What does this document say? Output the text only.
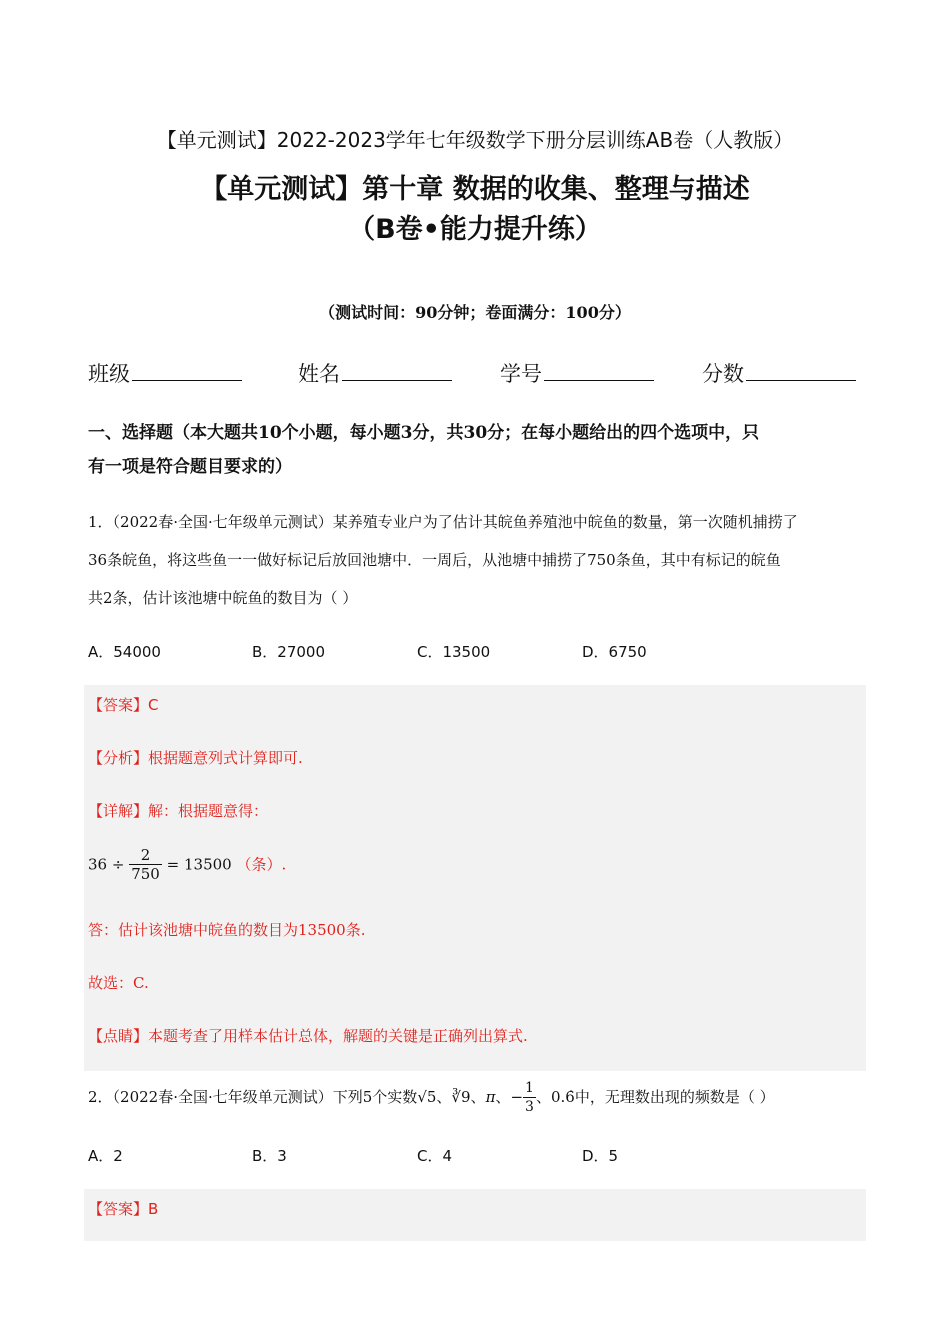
【单元测试】2022-2023学年七年级数学下册分层训练AB卷（人教版）
【单元测试】第十章 数据的收集、整理与描述
（B卷•能力提升练）
（测试时间：90分钟；卷面满分：100分）
班级	姓名	学号	分数
一、选择题（本大题共10个小题，每小题3分，共30分；在每小题给出的四个选项中，只
有一项是符合题目要求的）
1．（2022春·全国·七年级单元测试）某养殖专业户为了估计其皖鱼养殖池中皖鱼的数量，第一次随机捕捞了
36条皖鱼，将这些鱼一一做好标记后放回池塘中．一周后，从池塘中捕捞了750条鱼，其中有标记的皖鱼
共2条，估计该池塘中皖鱼的数目为（ ）
A．54000	B．27000	C．13500	D．6750
【答案】C
【分析】根据题意列式计算即可.
【详解】解：根据题意得：
$36 \div \frac{2}{750} = 13500$ （条）.
答：估计该池塘中皖鱼的数目为13500条.
故选：C.
【点睛】本题考查了用样本估计总体，解题的关键是正确列出算式.
2．（2022春·全国·七年级单元测试）下列5个实数√5、∛9、π、− $\frac{1}{3}$ 、0.6̇中，无理数出现的频数是（ ）
A．2	B．3	C．4	D．5
【答案】B
